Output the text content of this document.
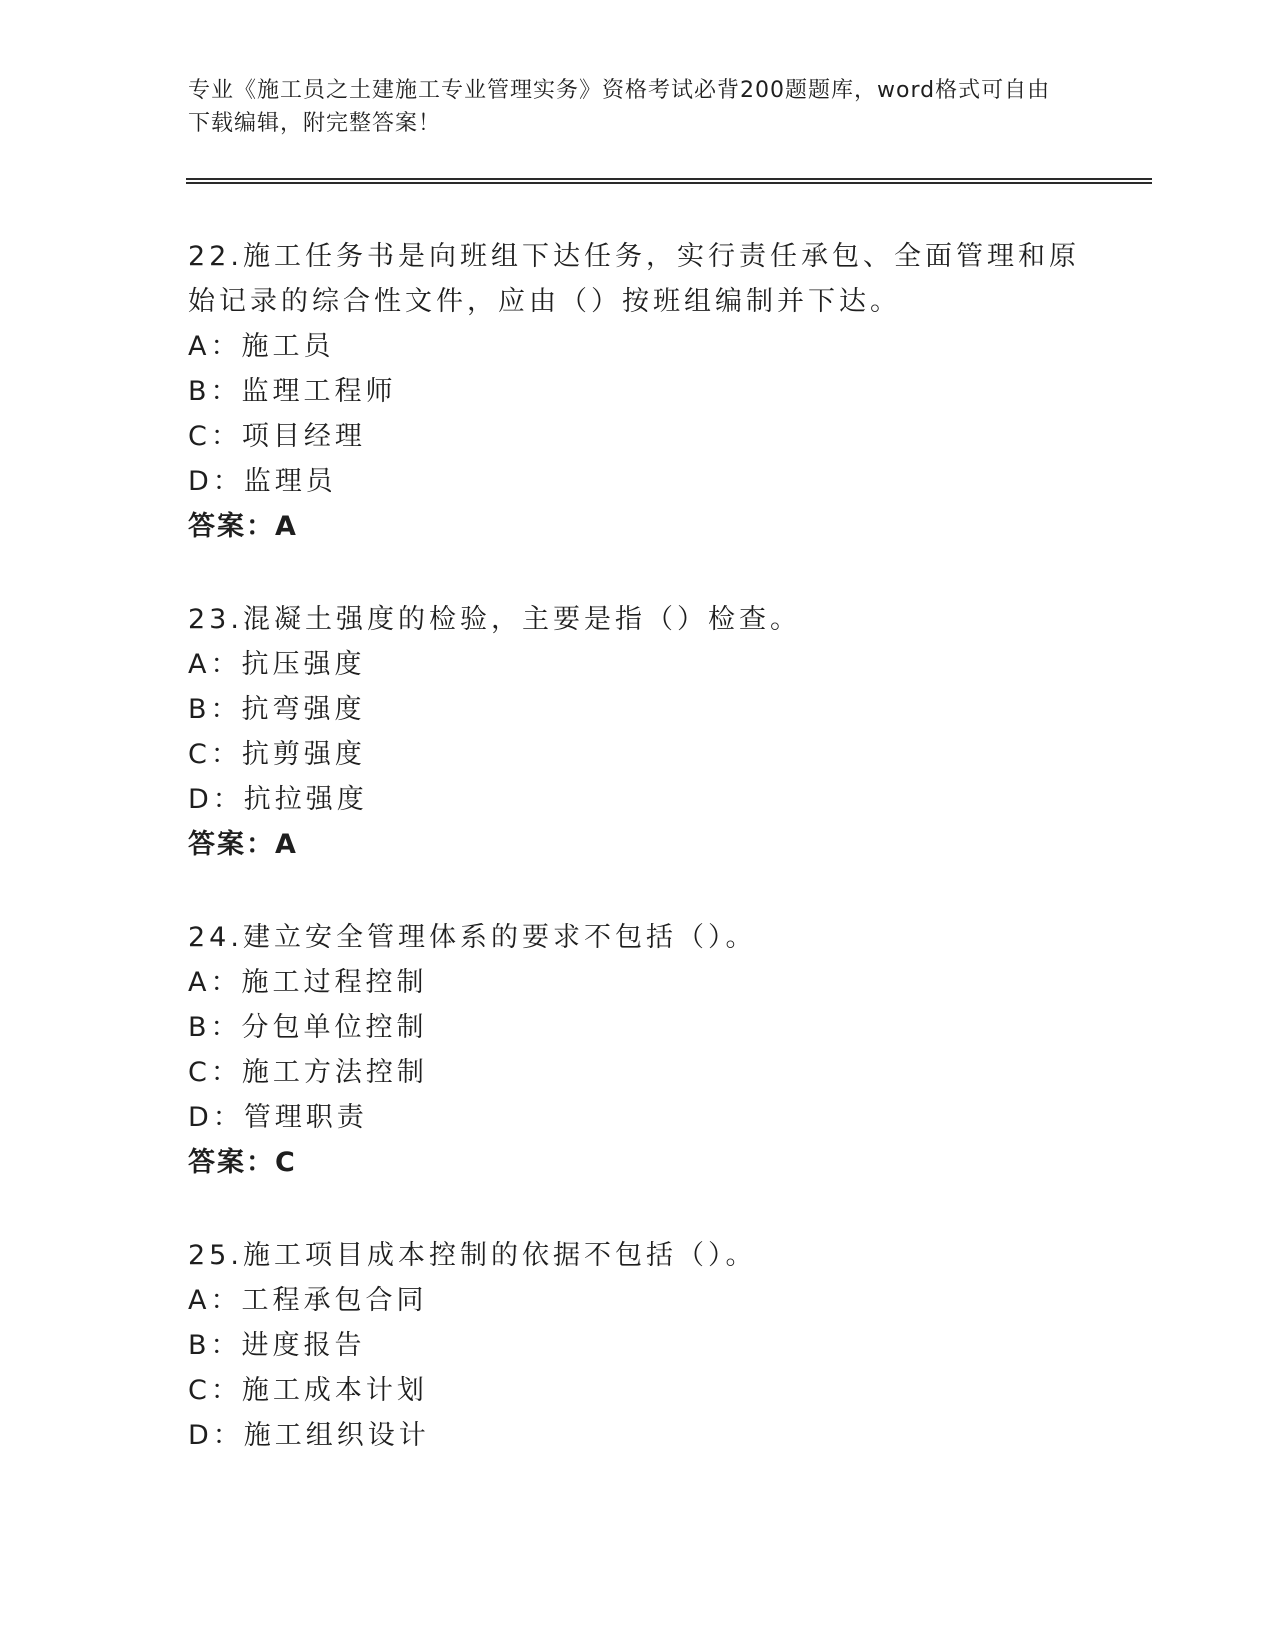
专业《施工员之土建施工专业管理实务》资格考试必背200题题库，word格式可自由下载编辑，附完整答案！

22.施工任务书是向班组下达任务，实行责任承包、全面管理和原始记录的综合性文件，应由（）按班组编制并下达。

A：施工员
B：监理工程师
C：项目经理
D：监理员
答案：A

23.混凝土强度的检验，主要是指（）检查。

A：抗压强度
B：抗弯强度
C：抗剪强度
D：抗拉强度
答案：A

24.建立安全管理体系的要求不包括（）。

A：施工过程控制
B：分包单位控制
C：施工方法控制
D：管理职责
答案：C

25.施工项目成本控制的依据不包括（）。

A：工程承包合同
B：进度报告
C：施工成本计划
D：施工组织设计
